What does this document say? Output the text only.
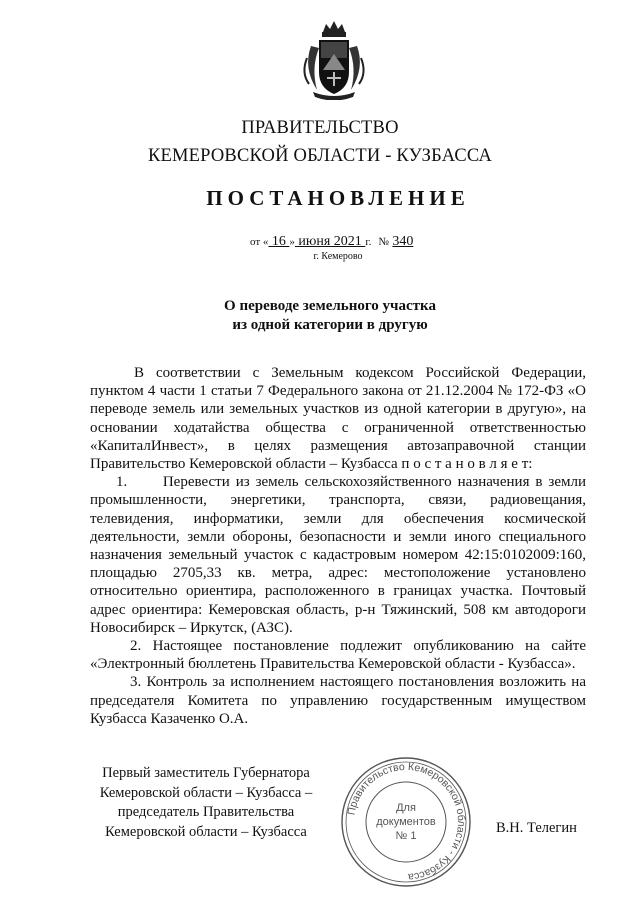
ПРАВИТЕЛЬСТВО
КЕМЕРОВСКОЙ ОБЛАСТИ - КУЗБАССА
ПОСТАНОВЛЕНИЕ
от « 16 » июня 2021 г. № 340
г. Кемерово
О переводе земельного участка
из одной категории в другую

В соответствии с Земельным кодексом Российской Федерации, пунктом 4 части 1 статьи 7 Федерального закона от 21.12.2004 № 172-ФЗ «О переводе земель или земельных участков из одной категории в другую», на основании ходатайства общества с ограниченной ответственностью «КапиталИнвест», в целях размещения автозаправочной станции Правительство Кемеровской области – Кузбасса п о с т а н о в л я е т:

1.      Перевести из земель сельскохозяйственного назначения в земли промышленности, энергетики, транспорта, связи, радиовещания, телевидения, информатики, земли для обеспечения космической деятельности, земли обороны, безопасности и земли иного специального назначения земельный участок с кадастровым номером 42:15:0102009:160, площадью 2705,33 кв. метра, адрес: местоположение установлено относительно ориентира, расположенного в границах участка. Почтовый адрес ориентира: Кемеровская область, р-н Тяжинский, 508 км автодороги Новосибирск – Иркутск, (АЗС).

2. Настоящее постановление подлежит опубликованию на сайте «Электронный бюллетень Правительства Кемеровской области - Кузбасса».

3. Контроль за исполнением настоящего постановления возложить на председателя Комитета по управлению государственным имуществом Кузбасса Казаченко О.А.

Первый заместитель Губернатора
Кемеровской области – Кузбасса –
председатель Правительства
Кемеровской области – Кузбасса
Правительство Кемеровской области - Кузбасса
Для
документов
№ 1	В.Н. Телегин
